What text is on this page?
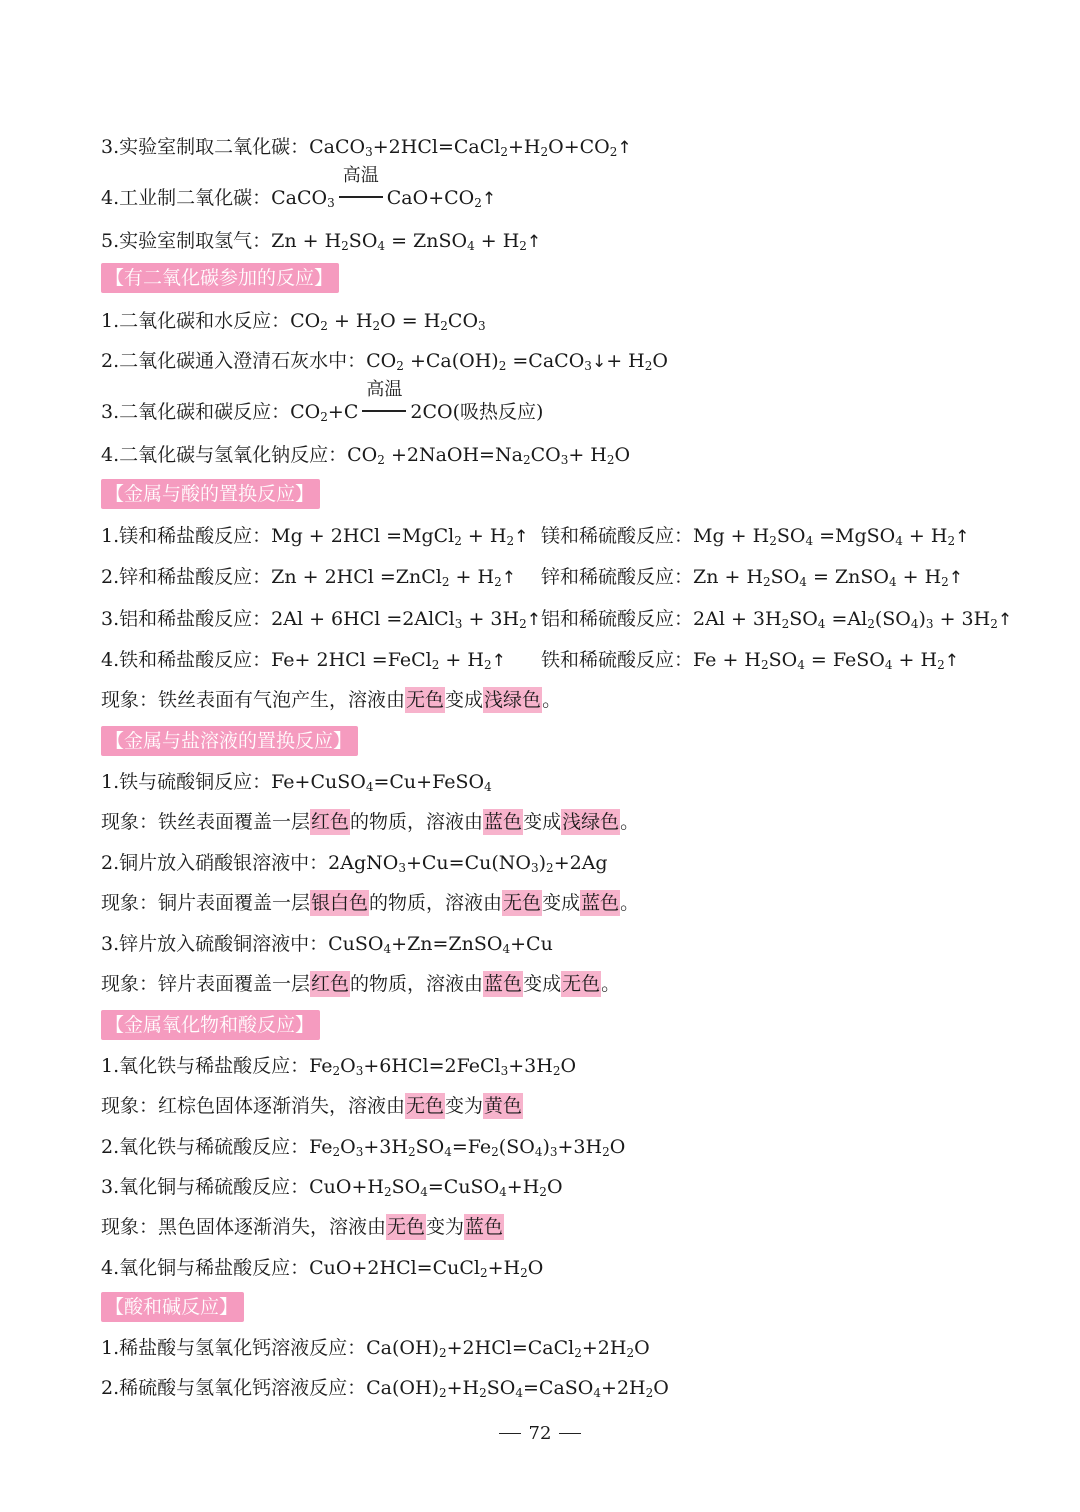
3.实验室制取二氧化碳：$CaCO_3+2HCl=CaCl_2+H_2O+CO_2↑$
4.工业制二氧化碳：CaCO$_3$
高温
$CaO+CO_2↑$
5.实验室制取氢气：$Zn + H_2SO_4$ = ZnSO$_4$ + $H_2↑$
【有二氧化碳参加的反应】
1.二氧化碳和水反应：$CO_2 + H_2O = H_2CO_3$
2.二氧化碳通入澄清石灰水中：$CO_2 +Ca(OH)_2$ =CaCO$_3$↓+ $H_2O$
3.二氧化碳和碳反应：$CO_2+C$
高温
2CO(吸热反应)
4.二氧化碳与氢氧化钠反应：$CO_2$ $+2NaOH=Na_2CO_3+ H_2O$
【金属与酸的置换反应】
1.镁和稀盐酸反应：Mg + 2HCl =MgCl$_2$ + $H_2↑$ 镁和稀硫酸反应：$Mg + H_2SO_4$ =MgSO$_4$ + $H_2↑$
2.锌和稀盐酸反应：Zn + 2HCl =ZnCl$_2$ + $H_2↑$ 锌和稀硫酸反应：$Zn + H_2SO_4$ = ZnSO$_4$ + $H_2↑$
3.铝和稀盐酸反应：2Al + 6HCl =2AlCl$_3$ + $3H_2↑$ 铝和稀硫酸反应：$2Al + 3H_2SO_4 =Al_2(SO_4)_3$ + $3H_2↑$
4.铁和稀盐酸反应：Fe+ 2HCl =FeCl$_2$ + $H_2↑$ 铁和稀硫酸反应：$Fe + H_2SO_4$ = FeSO$_4$ + $H_2↑$
现象：铁丝表面有气泡产生，溶液由无色变成浅绿色。
【金属与盐溶液的置换反应】
1.铁与硫酸铜反应：Fe+CuSO$_4$=Cu+FeSO$_4$
现象：铁丝表面覆盖一层红色的物质，溶液由蓝色变成浅绿色。
2.铜片放入硝酸银溶液中：$2AgNO_3+Cu=Cu(NO_3)_2+2Ag$
现象：铜片表面覆盖一层银白色的物质，溶液由无色变成蓝色。
3.锌片放入硫酸铜溶液中：CuSO$_4$+Zn=ZnSO$_4$+Cu
现象：锌片表面覆盖一层红色的物质，溶液由蓝色变成无色。
【金属氧化物和酸反应】
1.氧化铁与稀盐酸反应：$Fe_2O_3+6HCl=2FeCl_3+3H_2O$
现象：红棕色固体逐渐消失，溶液由无色变为黄色
2.氧化铁与稀硫酸反应：$Fe_2O_3+3H_2SO_4=Fe_2(SO_4)_3+3H_2O$
3.氧化铜与稀硫酸反应：$CuO+H_2SO_4=CuSO_4+H_2O$
现象：黑色固体逐渐消失，溶液由无色变为蓝色
4.氧化铜与稀盐酸反应：$CuO+2HCl=CuCl_2+H_2O$
【酸和碱反应】
1.稀盐酸与氢氧化钙溶液反应：$Ca(OH)_2+2HCl=CaCl_2+2H_2O$
2.稀硫酸与氢氧化钙溶液反应：$Ca(OH)_2+H_2SO_4=CaSO_4+2H_2O$
72
